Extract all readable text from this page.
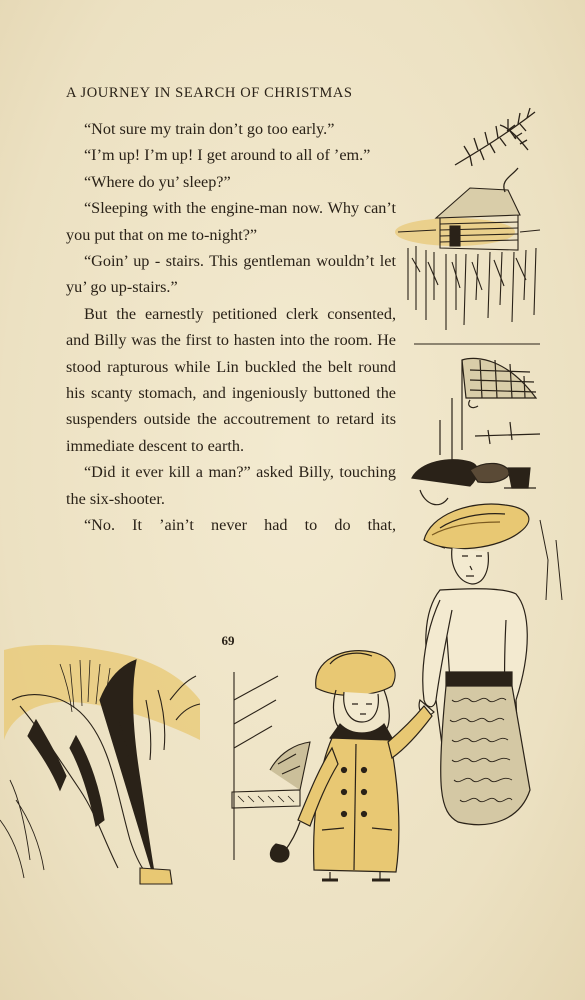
A JOURNEY IN SEARCH OF CHRISTMAS

“Not sure my train don’t go too early.”

“I’m up! I’m up! I get around to all of ’em.”

“Where do yu’ sleep?”

“Sleeping with the engine-man now. Why can’t you put that on me to-night?”

“Goin’ up - stairs. This gentleman wouldn’t let yu’ go up-stairs.”

But the earnestly petitioned clerk consented, and Billy was the first to hasten into the room. He stood rapturous while Lin buckled the belt round his scanty stomach, and ingeniously buttoned the suspenders outside the accoutrement to retard its immediate descent to earth.

“Did it ever kill a man?” asked Billy, touching the six-shooter.

“No. It ’ain’t never had to do that,

69
